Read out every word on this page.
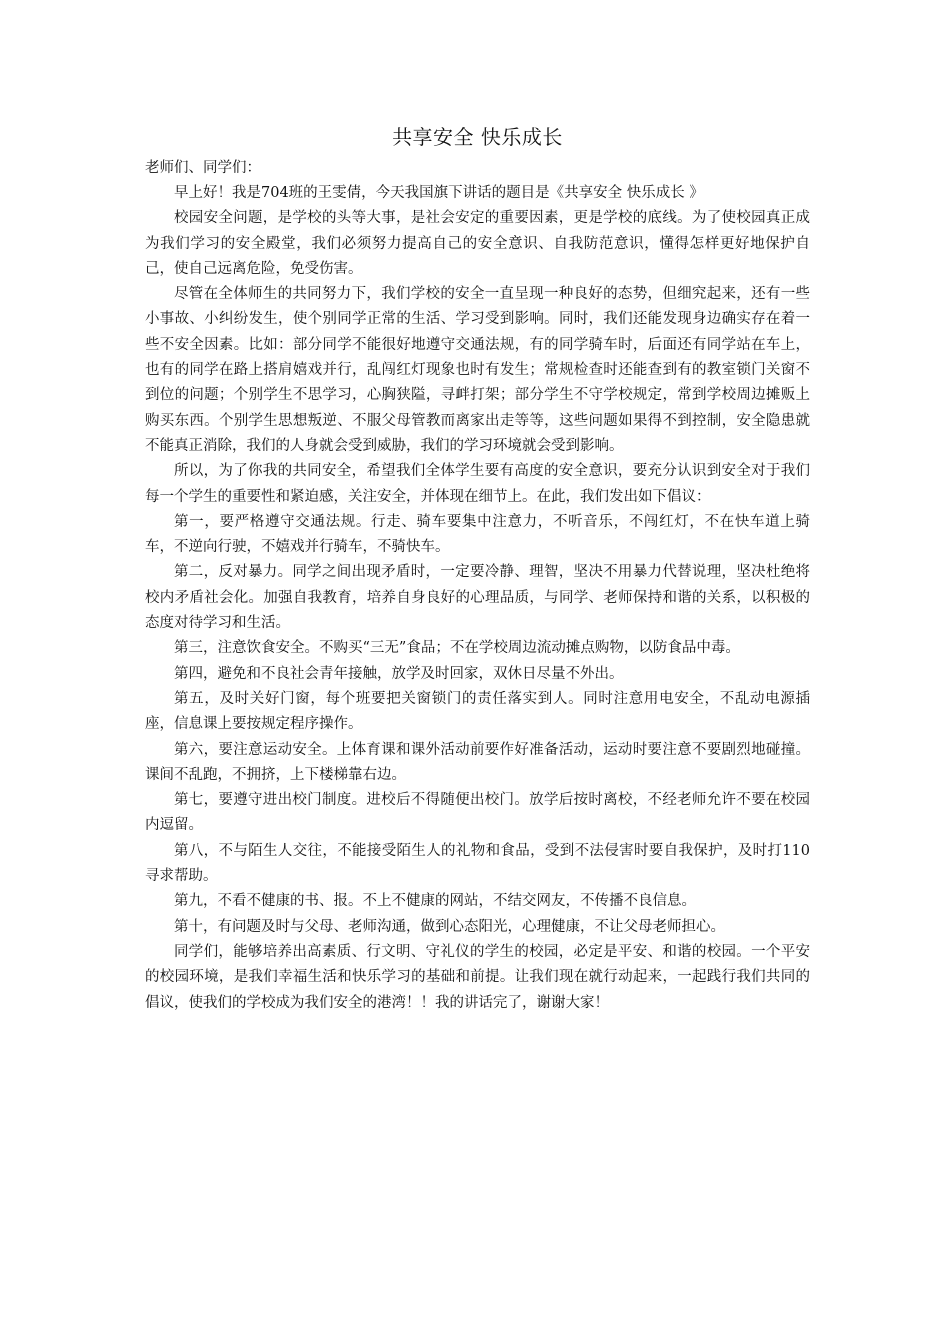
共享安全 快乐成长

老师们、同学们：

早上好！我是704班的王雯倩，今天我国旗下讲话的题目是《共享安全 快乐成长 》

校园安全问题，是学校的头等大事，是社会安定的重要因素，更是学校的底线。为了使校园真正成为我们学习的安全殿堂，我们必须努力提高自己的安全意识、自我防范意识，懂得怎样更好地保护自己，使自己远离危险，免受伤害。

尽管在全体师生的共同努力下，我们学校的安全一直呈现一种良好的态势，但细究起来，还有一些小事故、小纠纷发生，使个别同学正常的生活、学习受到影响。同时，我们还能发现身边确实存在着一些不安全因素。比如：部分同学不能很好地遵守交通法规，有的同学骑车时，后面还有同学站在车上，也有的同学在路上搭肩嬉戏并行，乱闯红灯现象也时有发生；常规检查时还能查到有的教室锁门关窗不到位的问题；个别学生不思学习，心胸狭隘，寻衅打架；部分学生不守学校规定，常到学校周边摊贩上购买东西。个别学生思想叛逆、不服父母管教而离家出走等等，这些问题如果得不到控制，安全隐患就不能真正消除，我们的人身就会受到威胁，我们的学习环境就会受到影响。

所以，为了你我的共同安全，希望我们全体学生要有高度的安全意识，要充分认识到安全对于我们每一个学生的重要性和紧迫感，关注安全，并体现在细节上。在此，我们发出如下倡议：

第一，要严格遵守交通法规。行走、骑车要集中注意力，不听音乐，不闯红灯，不在快车道上骑车，不逆向行驶，不嬉戏并行骑车，不骑快车。

第二，反对暴力。同学之间出现矛盾时，一定要冷静、理智，坚决不用暴力代替说理，坚决杜绝将校内矛盾社会化。加强自我教育，培养自身良好的心理品质，与同学、老师保持和谐的关系，以积极的态度对待学习和生活。

第三，注意饮食安全。不购买“三无”食品；不在学校周边流动摊点购物，以防食品中毒。

第四，避免和不良社会青年接触，放学及时回家，双休日尽量不外出。

第五，及时关好门窗，每个班要把关窗锁门的责任落实到人。同时注意用电安全，不乱动电源插座，信息课上要按规定程序操作。

第六，要注意运动安全。上体育课和课外活动前要作好准备活动，运动时要注意不要剧烈地碰撞。课间不乱跑，不拥挤，上下楼梯靠右边。

第七，要遵守进出校门制度。进校后不得随便出校门。放学后按时离校，不经老师允许不要在校园内逗留。

第八，不与陌生人交往，不能接受陌生人的礼物和食品，受到不法侵害时要自我保护，及时打110寻求帮助。

第九，不看不健康的书、报。不上不健康的网站，不结交网友，不传播不良信息。

第十，有问题及时与父母、老师沟通，做到心态阳光，心理健康，不让父母老师担心。

同学们，能够培养出高素质、行文明、守礼仪的学生的校园，必定是平安、和谐的校园。一个平安的校园环境，是我们幸福生活和快乐学习的基础和前提。让我们现在就行动起来，一起践行我们共同的倡议，使我们的学校成为我们安全的港湾！！我的讲话完了，谢谢大家！
